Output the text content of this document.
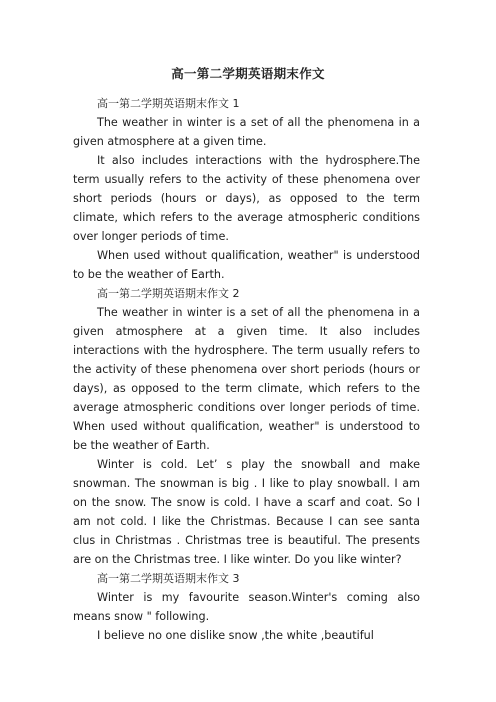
高一第二学期英语期末作文

高一第二学期英语期末作文 1

The weather in winter is a set of all the phenomena in a given atmosphere at a given time.

It also includes interactions with the hydrosphere.The term usually refers to the activity of these phenomena over short periods (hours or days), as opposed to the term climate, which refers to the average atmospheric conditions over longer periods of time.

When used without qualification, weather" is understood to be the weather of Earth.

高一第二学期英语期末作文 2

The weather in winter is a set of all the phenomena in a given atmosphere at a given time. It also includes interactions with the hydrosphere. The term usually refers to the activity of these phenomena over short periods (hours or days), as opposed to the term climate, which refers to the average atmospheric conditions over longer periods of time. When used without qualification, weather" is understood to be the weather of Earth.

Winter is cold. Let’ s play the snowball and make snowman. The snowman is big . I like to play snowball. I am on the snow. The snow is cold. I have a scarf and coat. So I am not cold. I like the Christmas. Because I can see santa clus in Christmas . Christmas tree is beautiful. The presents are on the Christmas tree. I like winter. Do you like winter?

高一第二学期英语期末作文 3

Winter is my favourite season.Winter's coming also means snow " following.

I believe no one dislike snow ,the white ,beautiful
